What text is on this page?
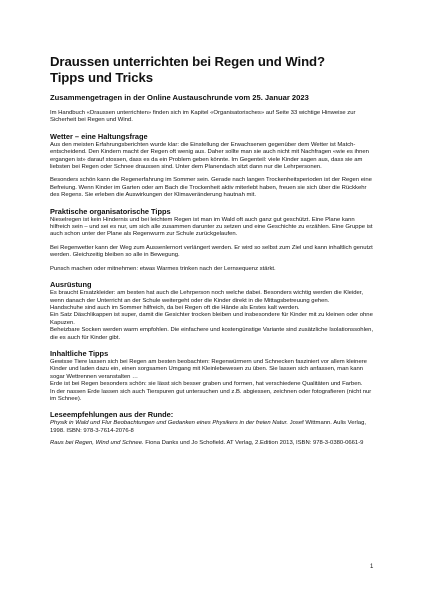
Draussen unterrichten bei Regen und Wind?
Tipps und Tricks
Zusammengetragen in der Online Austauschrunde vom 25. Januar 2023

Im Handbuch «Draussen unterrichten» finden sich im Kapitel «Organisatorisches» auf Seite 33 wichtige Hinweise zur Sicherheit bei Regen und Wind.

Wetter – eine Haltungsfrage

Aus den meisten Erfahrungsberichten wurde klar: die Einstellung der Erwachsenen gegenüber dem Wetter ist Match-entscheidend. Den Kindern macht der Regen oft wenig aus. Daher sollte man sie auch nicht mit Nachfragen «wie es ihnen ergangen ist» darauf stossen, dass es da ein Problem geben könnte. Im Gegenteil: viele Kinder sagen aus, dass sie am liebsten bei Regen oder Schnee draussen sind. Unter dem Planendach sitzt dann nur die Lehrpersonen.

Besonders schön kann die Regenerfahrung im Sommer sein. Gerade nach langen Trockenheitsperioden ist der Regen eine Befreiung. Wenn Kinder im Garten oder am Bach die Trockenheit aktiv miterlebt haben, freuen sie sich über die Rückkehr des Regens. Sie erleben die Auswirkungen der Klimaveränderung hautnah mit.

Praktische organisatorische Tipps

Nieselregen ist kein Hindernis und bei leichtem Regen ist man im Wald oft auch ganz gut geschützt. Eine Plane kann hilfreich sein – und sei es nur, um sich alle zusammen darunter zu setzen und eine Geschichte zu erzählen. Eine Gruppe ist auch schon unter der Plane als Regenwurm zur Schule zurückgelaufen.

Bei Regenwetter kann der Weg zum Aussenlernort verlängert werden. Er wird so selbst zum Ziel und kann inhaltlich genutzt werden. Gleichzeitig bleiben so alle in Bewegung.

Punsch machen oder mitnehmen: etwas Warmes trinken nach der Lernsequenz stärkt.

Ausrüstung
Es braucht Ersatzkleider: am besten hat auch die Lehrperson noch welche dabei. Besonders wichtig werden die Kleider, wenn danach der Unterricht an der Schule weitergeht oder die Kinder direkt in die Mittagsbetreuung gehen.
Handschuhe sind auch im Sommer hilfreich, da bei Regen oft die Hände als Erstes kalt werden.
Ein Satz Däschlikappen ist super, damit die Gesichter trocken bleiben und insbesondere für Kinder mit zu kleinen oder ohne Kapuzen.
Beheizbare Socken werden warm empfohlen. Die einfachere und kostengünstige Variante sind zusätzliche Isolationssohlen, die es auch für Kinder gibt.
Inhaltliche Tipps
Gewisse Tiere lassen sich bei Regen am besten beobachten: Regenwürmern und Schnecken fasziniert vor allem kleinere Kinder und laden dazu ein, einen sorgsamen Umgang mit Kleinlebewesen zu üben. Sie lassen sich anfassen, man kann sogar Wettrennen veranstalten …
Erde ist bei Regen besonders schön: sie lässt sich besser graben und formen, hat verschiedene Qualitäten und Farben.
In der nassen Erde lassen sich auch Tierspuren gut untersuchen und z.B. abgiessen, zeichnen oder fotografieren (nicht nur im Schnee).
Leseempfehlungen aus der Runde:
Physik in Wald und Flur Beobachtungen und Gedanken eines Physikers in der freien Natur. Josef Wittmann. Aulis Verlag, 1998. ISBN: 978-3-7614-2076-8
Raus bei Regen, Wind und Schnee. Fiona Danks und Jo Schofield. AT Verlag, 2.Edition 2013, ISBN: 978-3-0380-0661-9
1
